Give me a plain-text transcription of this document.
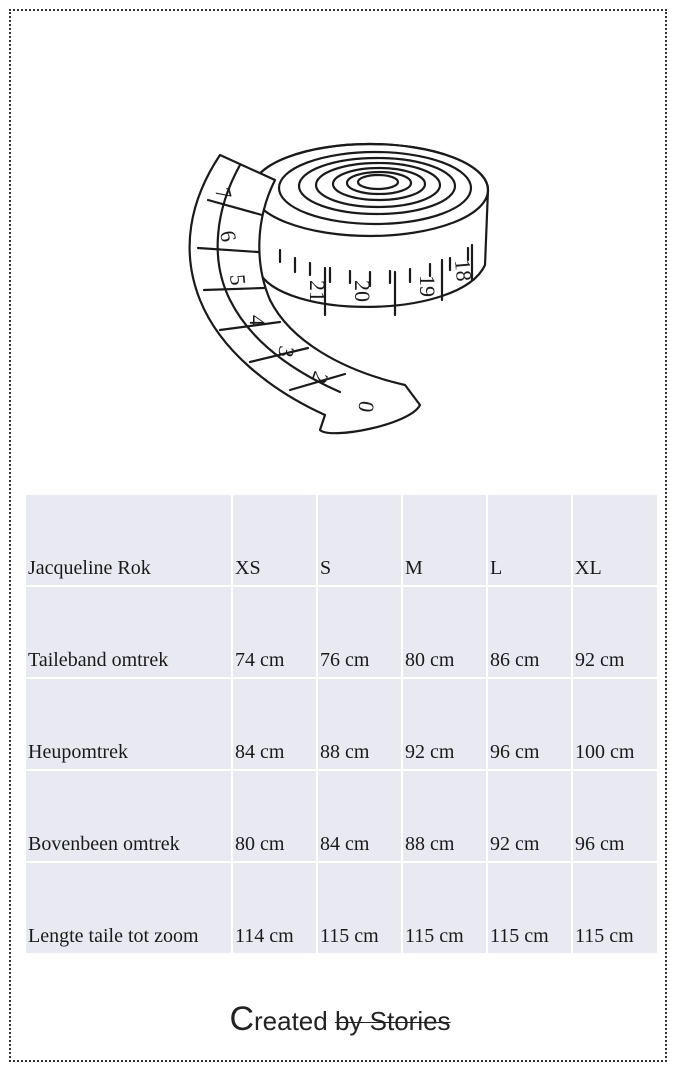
7
6
5
4
3
2
0
21 20 19
18
Jacqueline Rok	XS	S	M	L	XL
Taileband omtrek	74 cm	76 cm	80 cm	86 cm	92 cm
Heupomtrek	84 cm	88 cm	92 cm	96 cm	100 cm
Bovenbeen omtrek	80 cm	84 cm	88 cm	92 cm	96 cm
Lengte taile tot zoom	114 cm	115 cm	115 cm	115 cm	115 cm
Created by Stories
